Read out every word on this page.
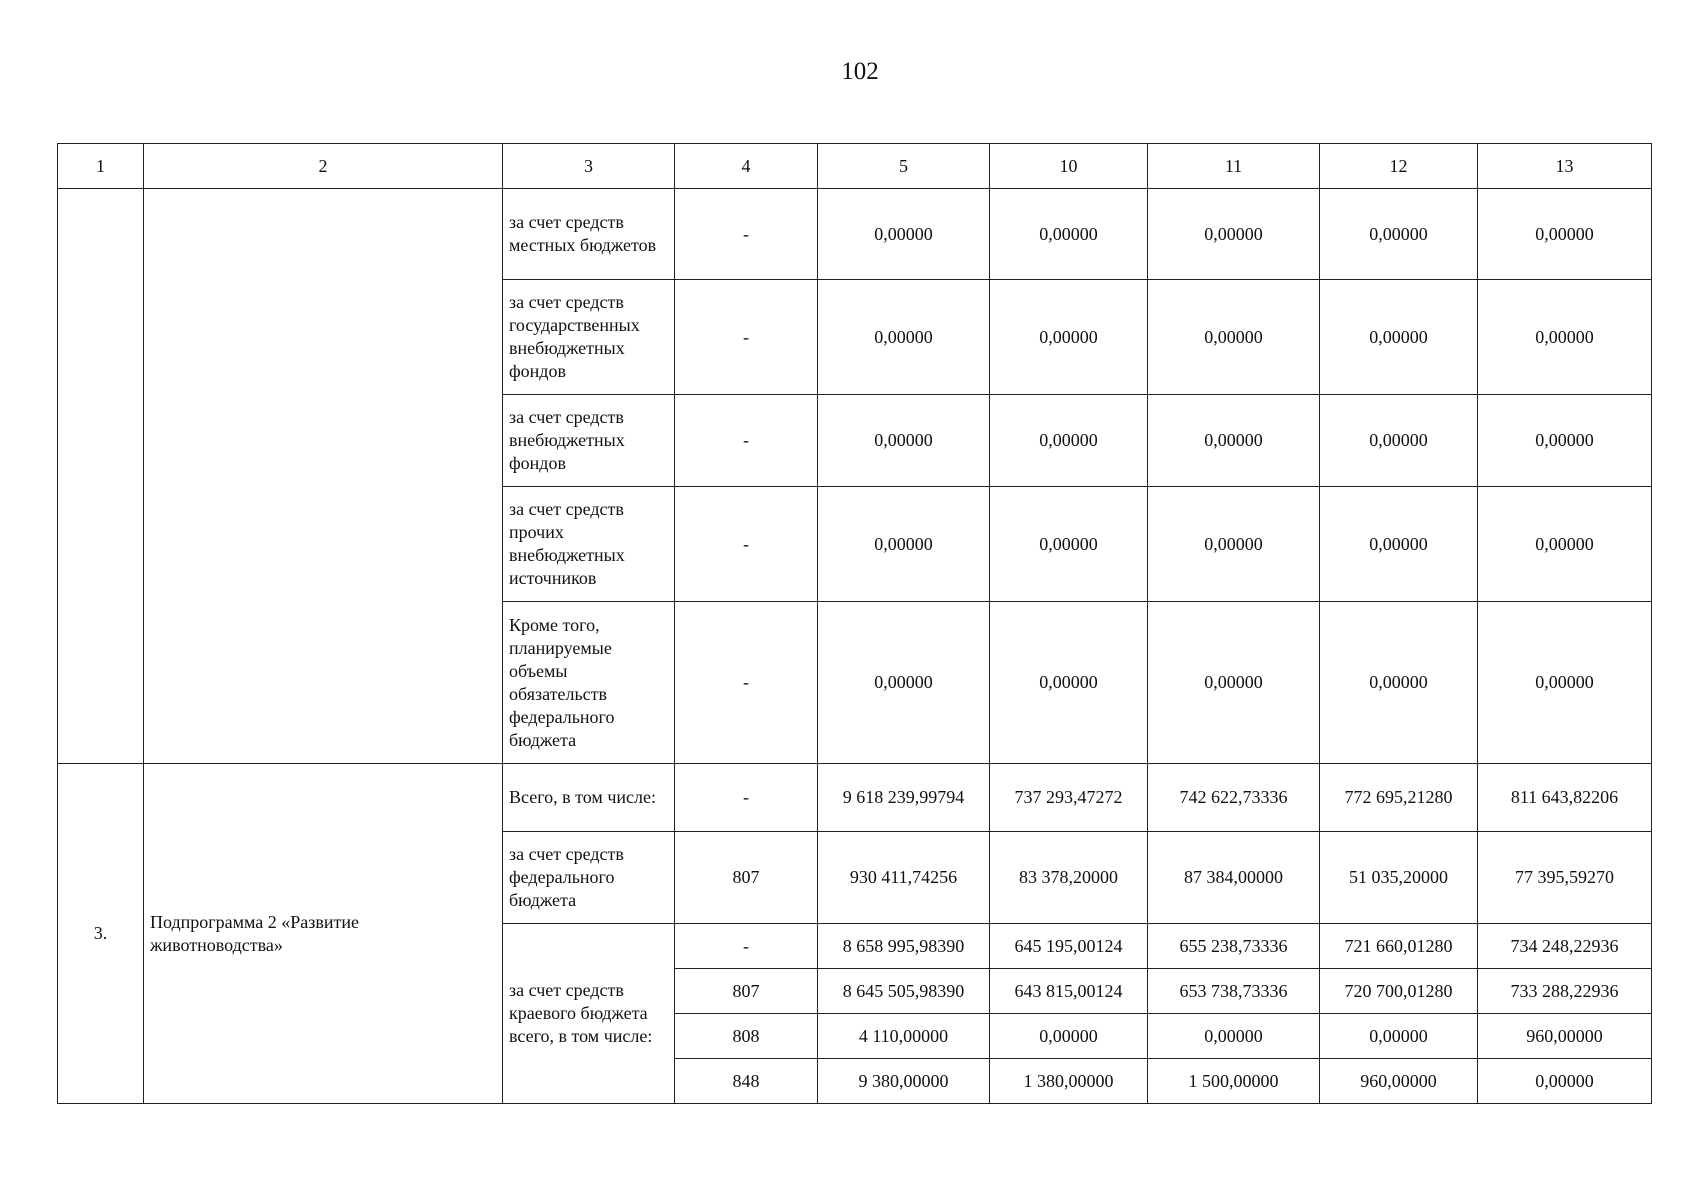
102
1	2	3	4	5	10	11	12	13
		за счет средств местных бюджетов	-	0,00000	0,00000	0,00000	0,00000	0,00000
		за счет средств государственных внебюджетных фондов	-	0,00000	0,00000	0,00000	0,00000	0,00000
		за счет средств внебюджетных фондов	-	0,00000	0,00000	0,00000	0,00000	0,00000
		за счет средств прочих внебюджетных источников	-	0,00000	0,00000	0,00000	0,00000	0,00000
		Кроме того, планируемые объемы обязательств федерального бюджета	-	0,00000	0,00000	0,00000	0,00000	0,00000
3.	Подпрограмма 2 «Развитие животноводства»	Всего, в том числе:	-	9 618 239,99794	737 293,47272	742 622,73336	772 695,21280	811 643,82206
		за счет средств федерального бюджета	807	930 411,74256	83 378,20000	87 384,00000	51 035,20000	77 395,59270
		за счет средств краевого бюджета всего, в том числе:	-	8 658 995,98390	645 195,00124	655 238,73336	721 660,01280	734 248,22936
			807	8 645 505,98390	643 815,00124	653 738,73336	720 700,01280	733 288,22936
			808	4 110,00000	0,00000	0,00000	0,00000	960,00000
			848	9 380,00000	1 380,00000	1 500,00000	960,00000	0,00000
